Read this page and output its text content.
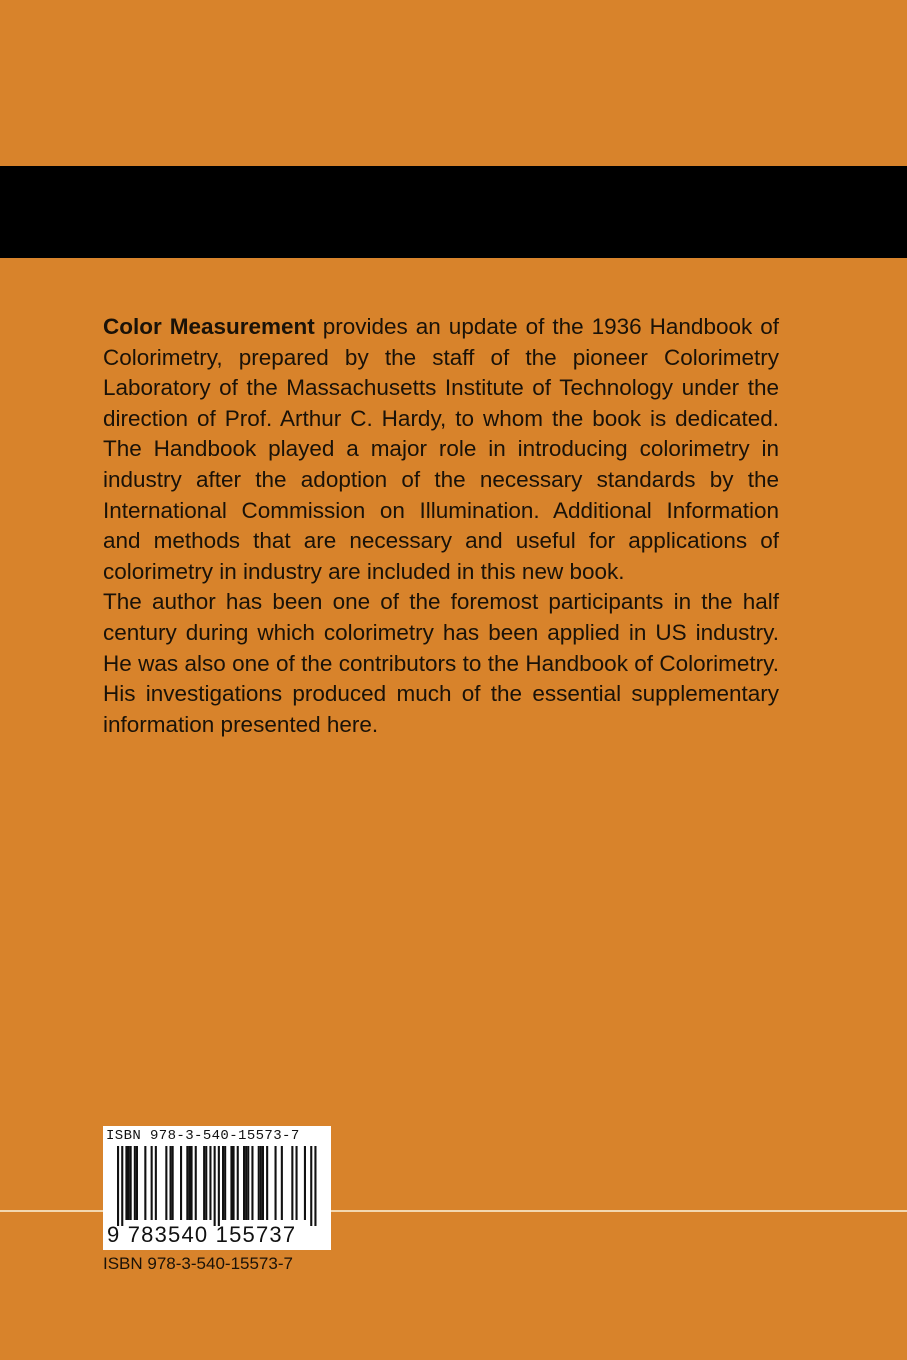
Color Measurement provides an update of the 1936 Handbook of Colorimetry, prepared by the staff of the pioneer Colorimetry Laboratory of the Massachusetts Institute of Technology under the direction of Prof. Arthur C. Hardy, to whom the book is dedicated. The Handbook played a major role in introducing colorimetry in industry after the adoption of the necessary standards by the International Commission on Illumination. Additional Information and methods that are necessary and useful for applications of colorimetry in industry are included in this new book.

The author has been one of the foremost participants in the half century during which colorimetry has been applied in US industry. He was also one of the contributors to the Handbook of Colorimetry. His investigations produced much of the essential supplementary information presented here.

ISBN 978-3-540-15573-7
9 783540 155737
ISBN 978-3-540-15573-7
